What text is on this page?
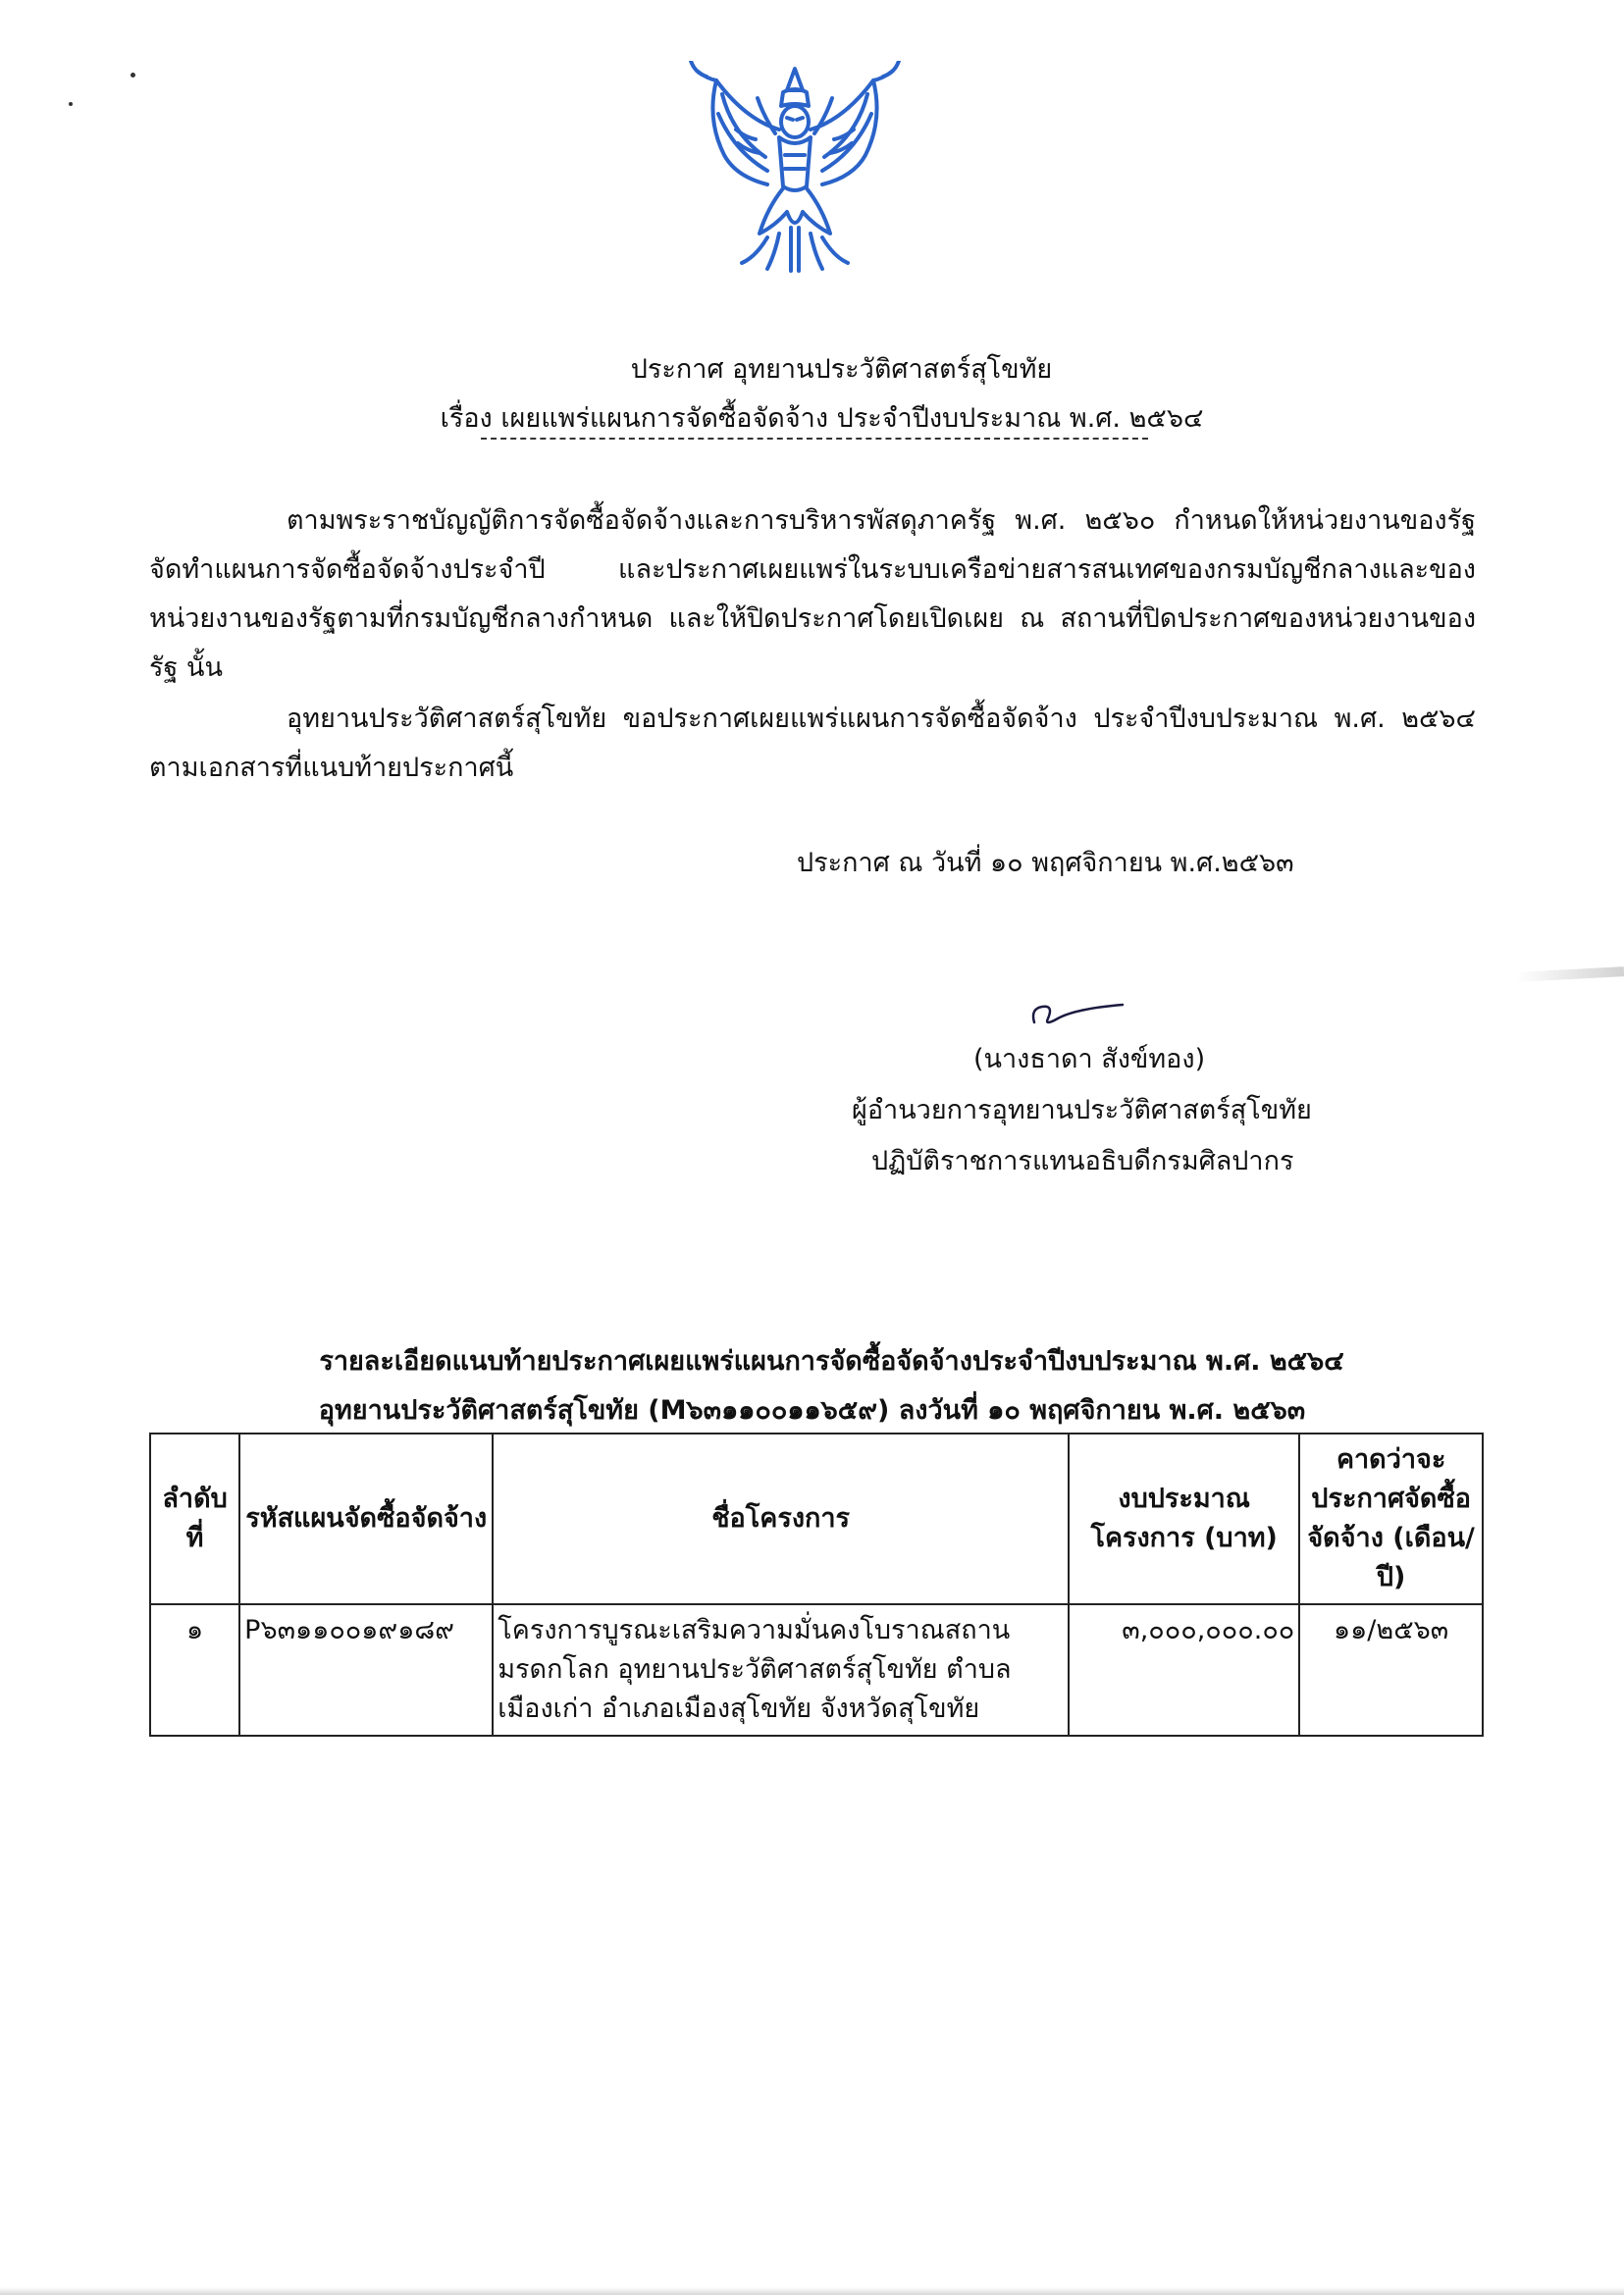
ประกาศ อุทยานประวัติศาสตร์สุโขทัย
เรื่อง เผยแพร่แผนการจัดซื้อจัดจ้าง ประจำปีงบประมาณ พ.ศ. ๒๕๖๔
ตามพระราชบัญญัติการจัดซื้อจัดจ้างและการบริหารพัสดุภาครัฐ พ.ศ. ๒๕๖๐ กำหนดให้หน่วยงานของรัฐจัดทำแผนการจัดซื้อจัดจ้างประจำปี และประกาศเผยแพร่ในระบบเครือข่ายสารสนเทศของกรมบัญชีกลางและของหน่วยงานของรัฐตามที่กรมบัญชีกลางกำหนด และให้ปิดประกาศโดยเปิดเผย ณ สถานที่ปิดประกาศของหน่วยงานของรัฐ นั้น
อุทยานประวัติศาสตร์สุโขทัย ขอประกาศเผยแพร่แผนการจัดซื้อจัดจ้าง ประจำปีงบประมาณ พ.ศ. ๒๕๖๔ ตามเอกสารที่แนบท้ายประกาศนี้
ประกาศ ณ วันที่ ๑๐ พฤศจิกายน พ.ศ.๒๕๖๓
(นางธาดา สังข์ทอง)
ผู้อำนวยการอุทยานประวัติศาสตร์สุโขทัย
ปฏิบัติราชการแทนอธิบดีกรมศิลปากร
รายละเอียดแนบท้ายประกาศเผยแพร่แผนการจัดซื้อจัดจ้างประจำปีงบประมาณ พ.ศ. ๒๕๖๔
อุทยานประวัติศาสตร์สุโขทัย (M๖๓๑๑๐๐๑๑๖๕๙) ลงวันที่ ๑๐ พฤศจิกายน พ.ศ. ๒๕๖๓
ลำดับที่	รหัสแผนจัดซื้อจัดจ้าง	ชื่อโครงการ	งบประมาณโครงการ (บาท)	คาดว่าจะประกาศจัดซื้อจัดจ้าง (เดือน/ปี)
๑	P๖๓๑๑๐๐๑๙๑๘๙	โครงการบูรณะเสริมความมั่นคงโบราณสถานมรดกโลก อุทยานประวัติศาสตร์สุโขทัย ตำบลเมืองเก่า อำเภอเมืองสุโขทัย จังหวัดสุโขทัย	๓,๐๐๐,๐๐๐.๐๐	๑๑/๒๕๖๓
